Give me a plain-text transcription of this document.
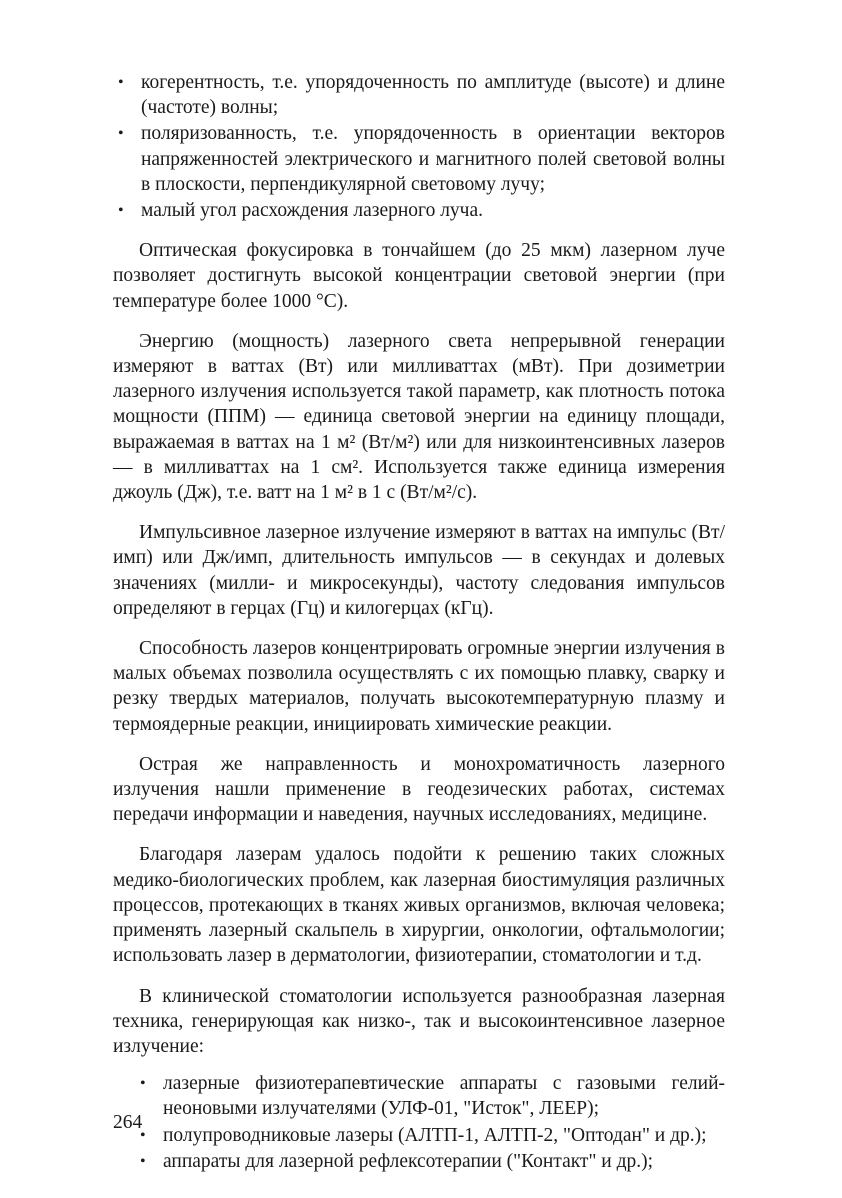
• когерентность, т.е. упорядоченность по амплитуде (высоте) и длине (частоте) волны;
• поляризованность, т.е. упорядоченность в ориентации векторов напряженностей электрического и магнитного полей световой волны в плоскости, перпендикулярной световому лучу;
• малый угол расхождения лазерного луча.

Оптическая фокусировка в тончайшем (до 25 мкм) лазерном луче позволяет достигнуть высокой концентрации световой энергии (при температуре более 1000 °С).

Энергию (мощность) лазерного света непрерывной генерации измеряют в ваттах (Вт) или милливаттах (мВт). При дозиметрии лазерного излучения используется такой параметр, как плотность потока мощности (ППМ) — единица световой энергии на единицу площади, выражаемая в ваттах на 1 м² (Вт/м²) или для низкоинтенсивных лазеров — в милливаттах на 1 см². Используется также единица измерения джоуль (Дж), т.е. ватт на 1 м² в 1 с (Вт/м²/с).

Импульсивное лазерное излучение измеряют в ваттах на импульс (Вт/имп) или Дж/имп, длительность импульсов — в секундах и долевых значениях (милли- и микросекунды), частоту следования импульсов определяют в герцах (Гц) и килогерцах (кГц).

Способность лазеров концентрировать огромные энергии излучения в малых объемах позволила осуществлять с их помощью плавку, сварку и резку твердых материалов, получать высокотемпературную плазму и термоядерные реакции, инициировать химические реакции.

Острая же направленность и монохроматичность лазерного излучения нашли применение в геодезических работах, системах передачи информации и наведения, научных исследованиях, медицине.

Благодаря лазерам удалось подойти к решению таких сложных медико-биологических проблем, как лазерная биостимуляция различных процессов, протекающих в тканях живых организмов, включая человека; применять лазерный скальпель в хирургии, онкологии, офтальмологии; использовать лазер в дерматологии, физиотерапии, стоматологии и т.д.

В клинической стоматологии используется разнообразная лазерная техника, генерирующая как низко-, так и высокоинтенсивное лазерное излучение:

• лазерные физиотерапевтические аппараты с газовыми гелий-неоновыми излучателями (УЛФ-01, "Исток", ЛЕЕР);
• полупроводниковые лазеры (АЛТП-1, АЛТП-2, "Оптодан" и др.);
• аппараты для лазерной рефлексотерапии ("Контакт" и др.);
264
